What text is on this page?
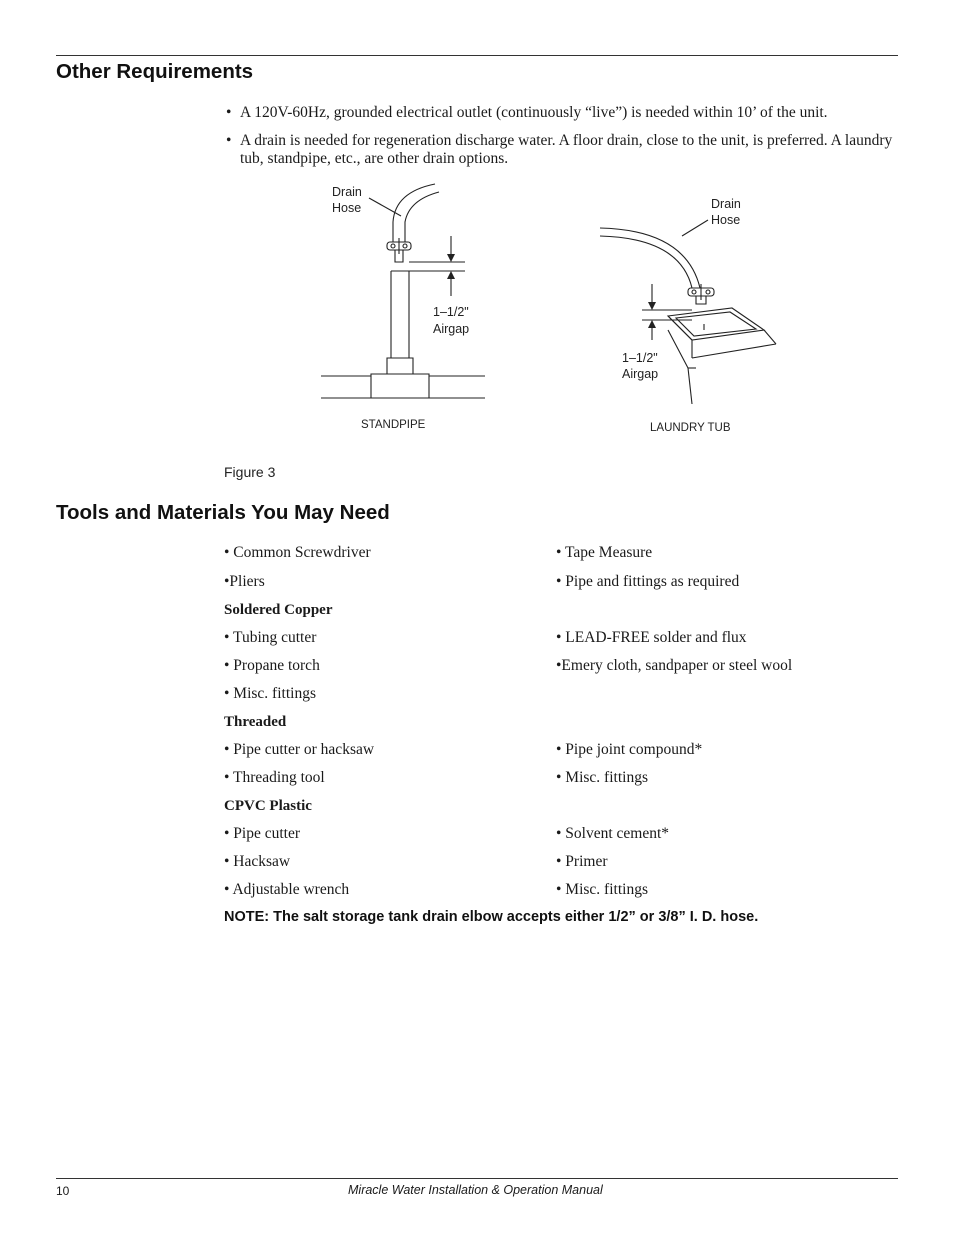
Other Requirements
• A 120V-60Hz, grounded electrical outlet (continuously “live”) is needed within 10’ of the unit.
• A drain is needed for regeneration discharge water. A floor drain, close to the unit, is preferred. A laundry tub, standpipe, etc., are other drain options.
Drain
Hose
1–1/2"
Airgap
STANDPIPE
Drain
Hose
1–1/2"
Airgap
LAUNDRY TUB
Figure 3
Tools and Materials You May Need
• Common Screwdriver	• Tape Measure
•Pliers	• Pipe and fittings as required
Soldered Copper
• Tubing cutter	• LEAD-FREE solder and flux
• Propane torch	•Emery cloth, sandpaper or steel wool
• Misc. fittings
Threaded
• Pipe cutter or hacksaw	• Pipe joint compound*
• Threading tool	• Misc. fittings
CPVC Plastic
• Pipe cutter	• Solvent cement*
• Hacksaw	• Primer
• Adjustable wrench	• Misc. fittings
NOTE: The salt storage tank drain elbow accepts either 1/2” or 3/8” I. D. hose.
10	Miracle Water Installation & Operation Manual
